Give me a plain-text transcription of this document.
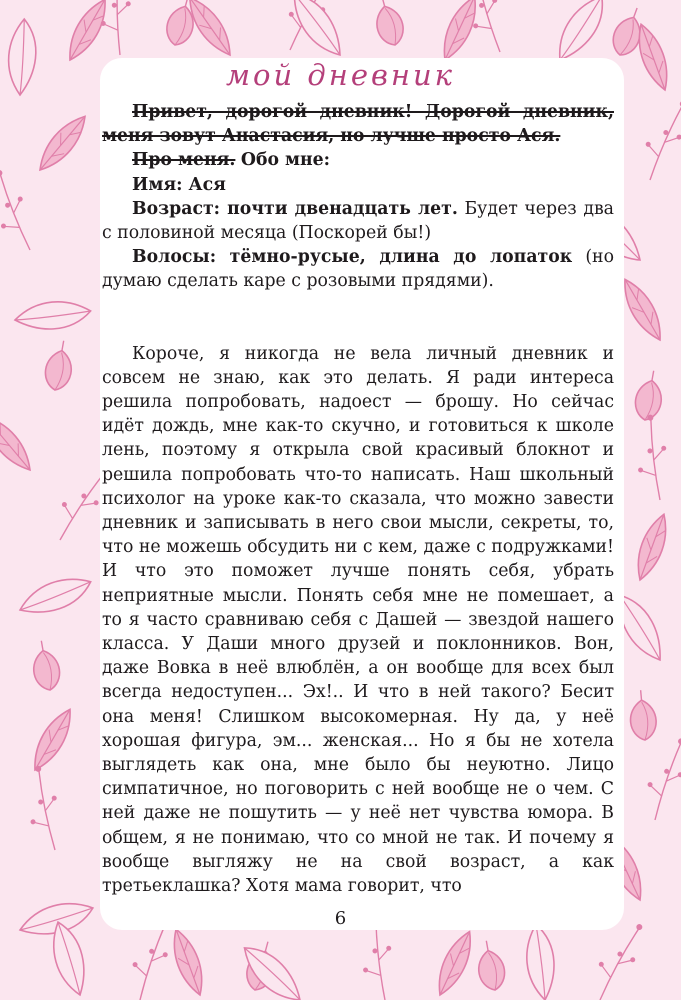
мой дневник

Привет, дорогой дневник! Дорогой дневник, меня зовут Анастасия, но лучше просто Ася.

Про меня. Обо мне:

Имя: Ася

Возраст: почти двенадцать лет. Будет через два с половиной месяца (Поскорей бы!)

Волосы: тёмно-русые, длина до лопаток (но думаю сделать каре с розовыми прядями).

Короче, я никогда не вела личный дневник и совсем не знаю, как это делать. Я ради интереса решила попробовать, надоест — брошу. Но сейчас идёт дождь, мне как-то скучно, и готовиться к школе лень, поэтому я открыла свой красивый блокнот и решила попробовать что-то написать. Наш школьный психолог на уроке как-то сказала, что можно завести дневник и записывать в него свои мысли, секреты, то, что не можешь обсудить ни с кем, даже с подружками! И что это поможет лучше понять себя, убрать неприятные мысли. Понять себя мне не помешает, а то я часто сравниваю себя с Дашей — звездой нашего класса. У Даши много друзей и поклонников. Вон, даже Вовка в неё влюблён, а он вообще для всех был всегда недоступен... Эх!.. И что в ней такого? Бесит она меня! Слишком высокомерная. Ну да, у неё хорошая фигура, эм... женская... Но я бы не хотела выглядеть как она, мне было бы неуютно. Лицо симпатичное, но поговорить с ней вообще не о чем. С ней даже не пошутить — у неё нет чувства юмора. В общем, я не понимаю, что со мной не так. И почему я вообще выгляжу не на свой возраст, а как третьеклашка? Хотя мама говорит, что

6
